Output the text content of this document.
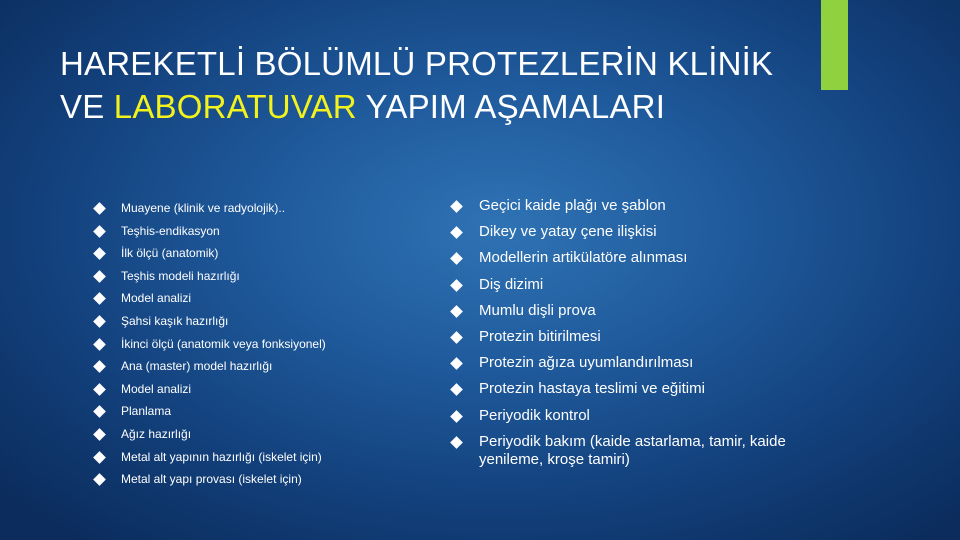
HAREKETLİ BÖLÜMLÜ PROTEZLERİN KLİNİK VE LABORATUVAR YAPIM AŞAMALARI
Muayene (klinik ve radyolojik)..
Teşhis-endikasyon
İlk ölçü (anatomik)
Teşhis modeli hazırlığı
Model analizi
Şahsi kaşık hazırlığı
İkinci ölçü (anatomik veya fonksiyonel)
Ana (master) model hazırlığı
Model analizi
Planlama
Ağız hazırlığı
Metal alt yapının hazırlığı (iskelet için)
Metal alt yapı provası (iskelet için)
Geçici kaide plağı ve şablon
Dikey ve yatay çene ilişkisi
Modellerin artikülatöre alınması
Diş dizimi
Mumlu dişli prova
Protezin bitirilmesi
Protezin ağıza uyumlandırılması
Protezin hastaya teslimi ve eğitimi
Periyodik kontrol
Periyodik bakım (kaide astarlama, tamir, kaide yenileme, kroşe tamiri)
